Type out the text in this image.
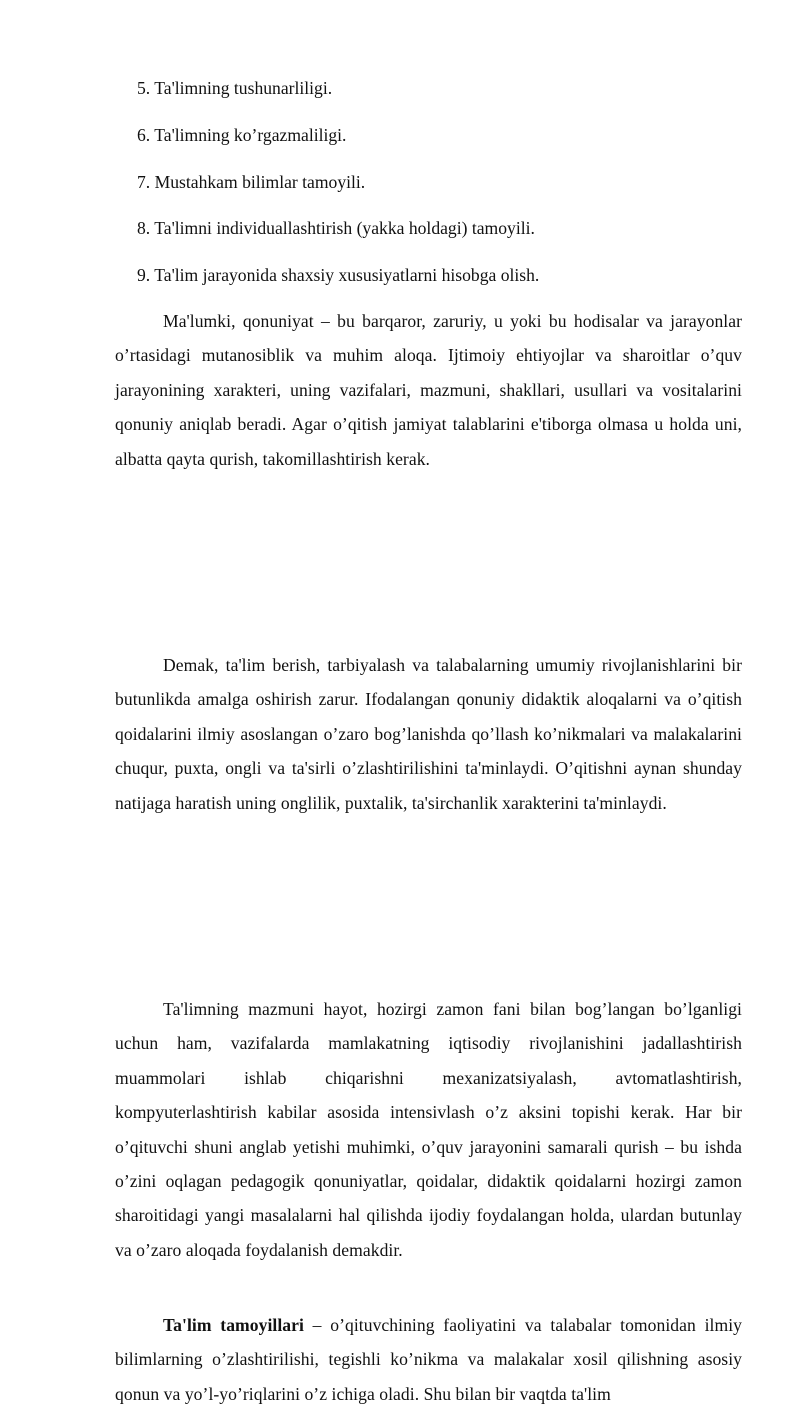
5. Ta'limning tushunarliligi.
6. Ta'limning ko’rgazmaliligi.
7. Mustahkam bilimlar tamoyili.
8. Ta'limni individuallashtirish (yakka holdagi) tamoyili.
9. Ta'lim jarayonida shaxsiy xususiyatlarni hisobga olish.

Ma'lumki, qonuniyat – bu barqaror, zaruriy, u yoki bu hodisalar va jarayonlar o’rtasidagi mutanosiblik va muhim aloqa. Ijtimoiy ehtiyojlar va sharoitlar o’quv jarayonining xarakteri, uning vazifalari, mazmuni, shakllari, usullari va vositalarini qonuniy aniqlab beradi. Agar o’qitish jamiyat talablarini e'tiborga olmasa u holda uni, albatta qayta qurish, takomillashtirish kerak.

Demak, ta'lim berish, tarbiyalash va talabalarning umumiy rivojlanishlarini bir butunlikda amalga oshirish zarur. Ifodalangan qonuniy didaktik aloqalarni va o’qitish qoidalarini ilmiy asoslangan o’zaro bog’lanishda qo’llash ko’nikmalari va malakalarini chuqur, puxta, ongli va ta'sirli o’zlashtirilishini ta'minlaydi. O’qitishni aynan shunday natijaga haratish uning onglilik, puxtalik, ta'sirchanlik xarakterini ta'minlaydi.

Ta'limning mazmuni hayot, hozirgi zamon fani bilan bog’langan bo’lganligi uchun ham, vazifalarda mamlakatning iqtisodiy rivojlanishini jadallashtirish muammolari ishlab chiqarishni mexanizatsiyalash, avtomatlashtirish, kompyuterlashtirish kabilar asosida intensivlash o’z aksini topishi kerak. Har bir o’qituvchi shuni anglab yetishi muhimki, o’quv jarayonini samarali qurish – bu ishda o’zini oqlagan pedagogik qonuniyatlar, qoidalar, didaktik qoidalarni hozirgi zamon sharoitidagi yangi masalalarni hal qilishda ijodiy foydalangan holda, ulardan butunlay va o’zaro aloqada foydalanish demakdir.

Ta'lim tamoyillari – o’qituvchining faoliyatini va talabalar tomonidan ilmiy bilimlarning o’zlashtirilishi, tegishli ko’nikma va malakalar xosil qilishning asosiy qonun va yo’l-yo’riqlarini o’z ichiga oladi. Shu bilan bir vaqtda ta'lim
